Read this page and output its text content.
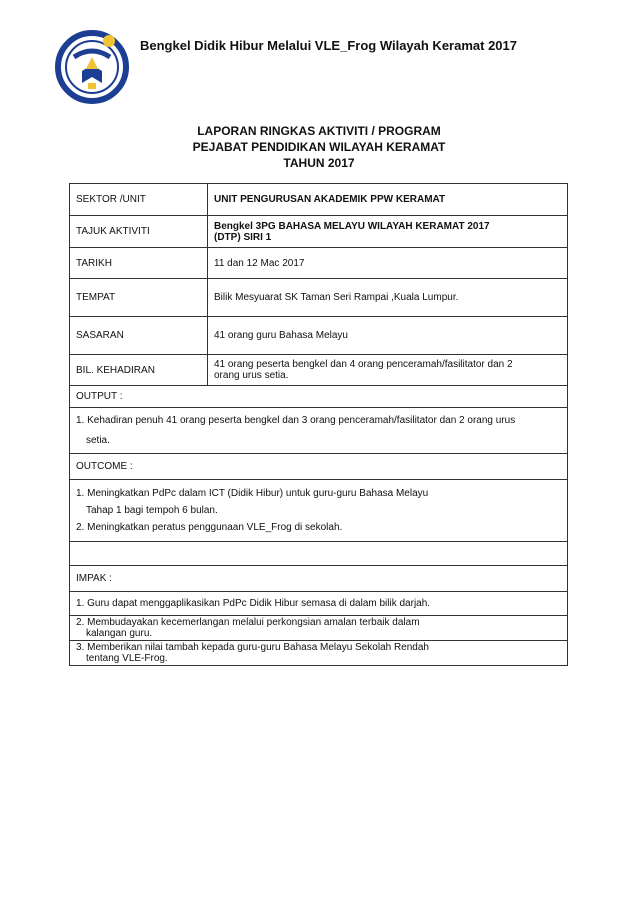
Bengkel Didik Hibur Melalui VLE_Frog Wilayah Keramat 2017
LAPORAN RINGKAS AKTIVITI / PROGRAM
PEJABAT PENDIDIKAN WILAYAH KERAMAT
TAHUN 2017
SEKTOR /UNIT	UNIT PENGURUSAN AKADEMIK PPW KERAMAT
TAJUK AKTIVITI	Bengkel 3PG BAHASA MELAYU WILAYAH KERAMAT 2017
(DTP) SIRI 1

TARIKH	11 dan 12 Mac 2017
TEMPAT	Bilik Mesyuarat SK Taman Seri Rampai ,Kuala Lumpur.
SASARAN	41 orang guru Bahasa Melayu
BIL. KEHADIRAN	41 orang peserta bengkel dan 4 orang penceramah/fasilitator dan 2
orang urus setia.

OUTPUT :	

1. Kehadiran penuh 41 orang peserta bengkel dan 3 orang penceramah/fasilitator dan 2 orang urus
setia.	

OUTCOME :	

1. Meningkatkan PdPc dalam ICT (Didik Hibur) untuk guru-guru Bahasa Melayu
Tahap 1 bagi tempoh 6 bulan.
2. Meningkatkan peratus penggunaan VLE_Frog di sekolah.	

IMPAK :	
1. Guru dapat menggaplikasikan PdPc Didik Hibur semasa di dalam bilik darjah.	

2. Membudayakan kecemerlangan melalui perkongsian amalan terbaik dalam
kalangan guru.	

3. Memberikan nilai tambah kepada guru-guru Bahasa Melayu Sekolah Rendah
tentang VLE-Frog.	
